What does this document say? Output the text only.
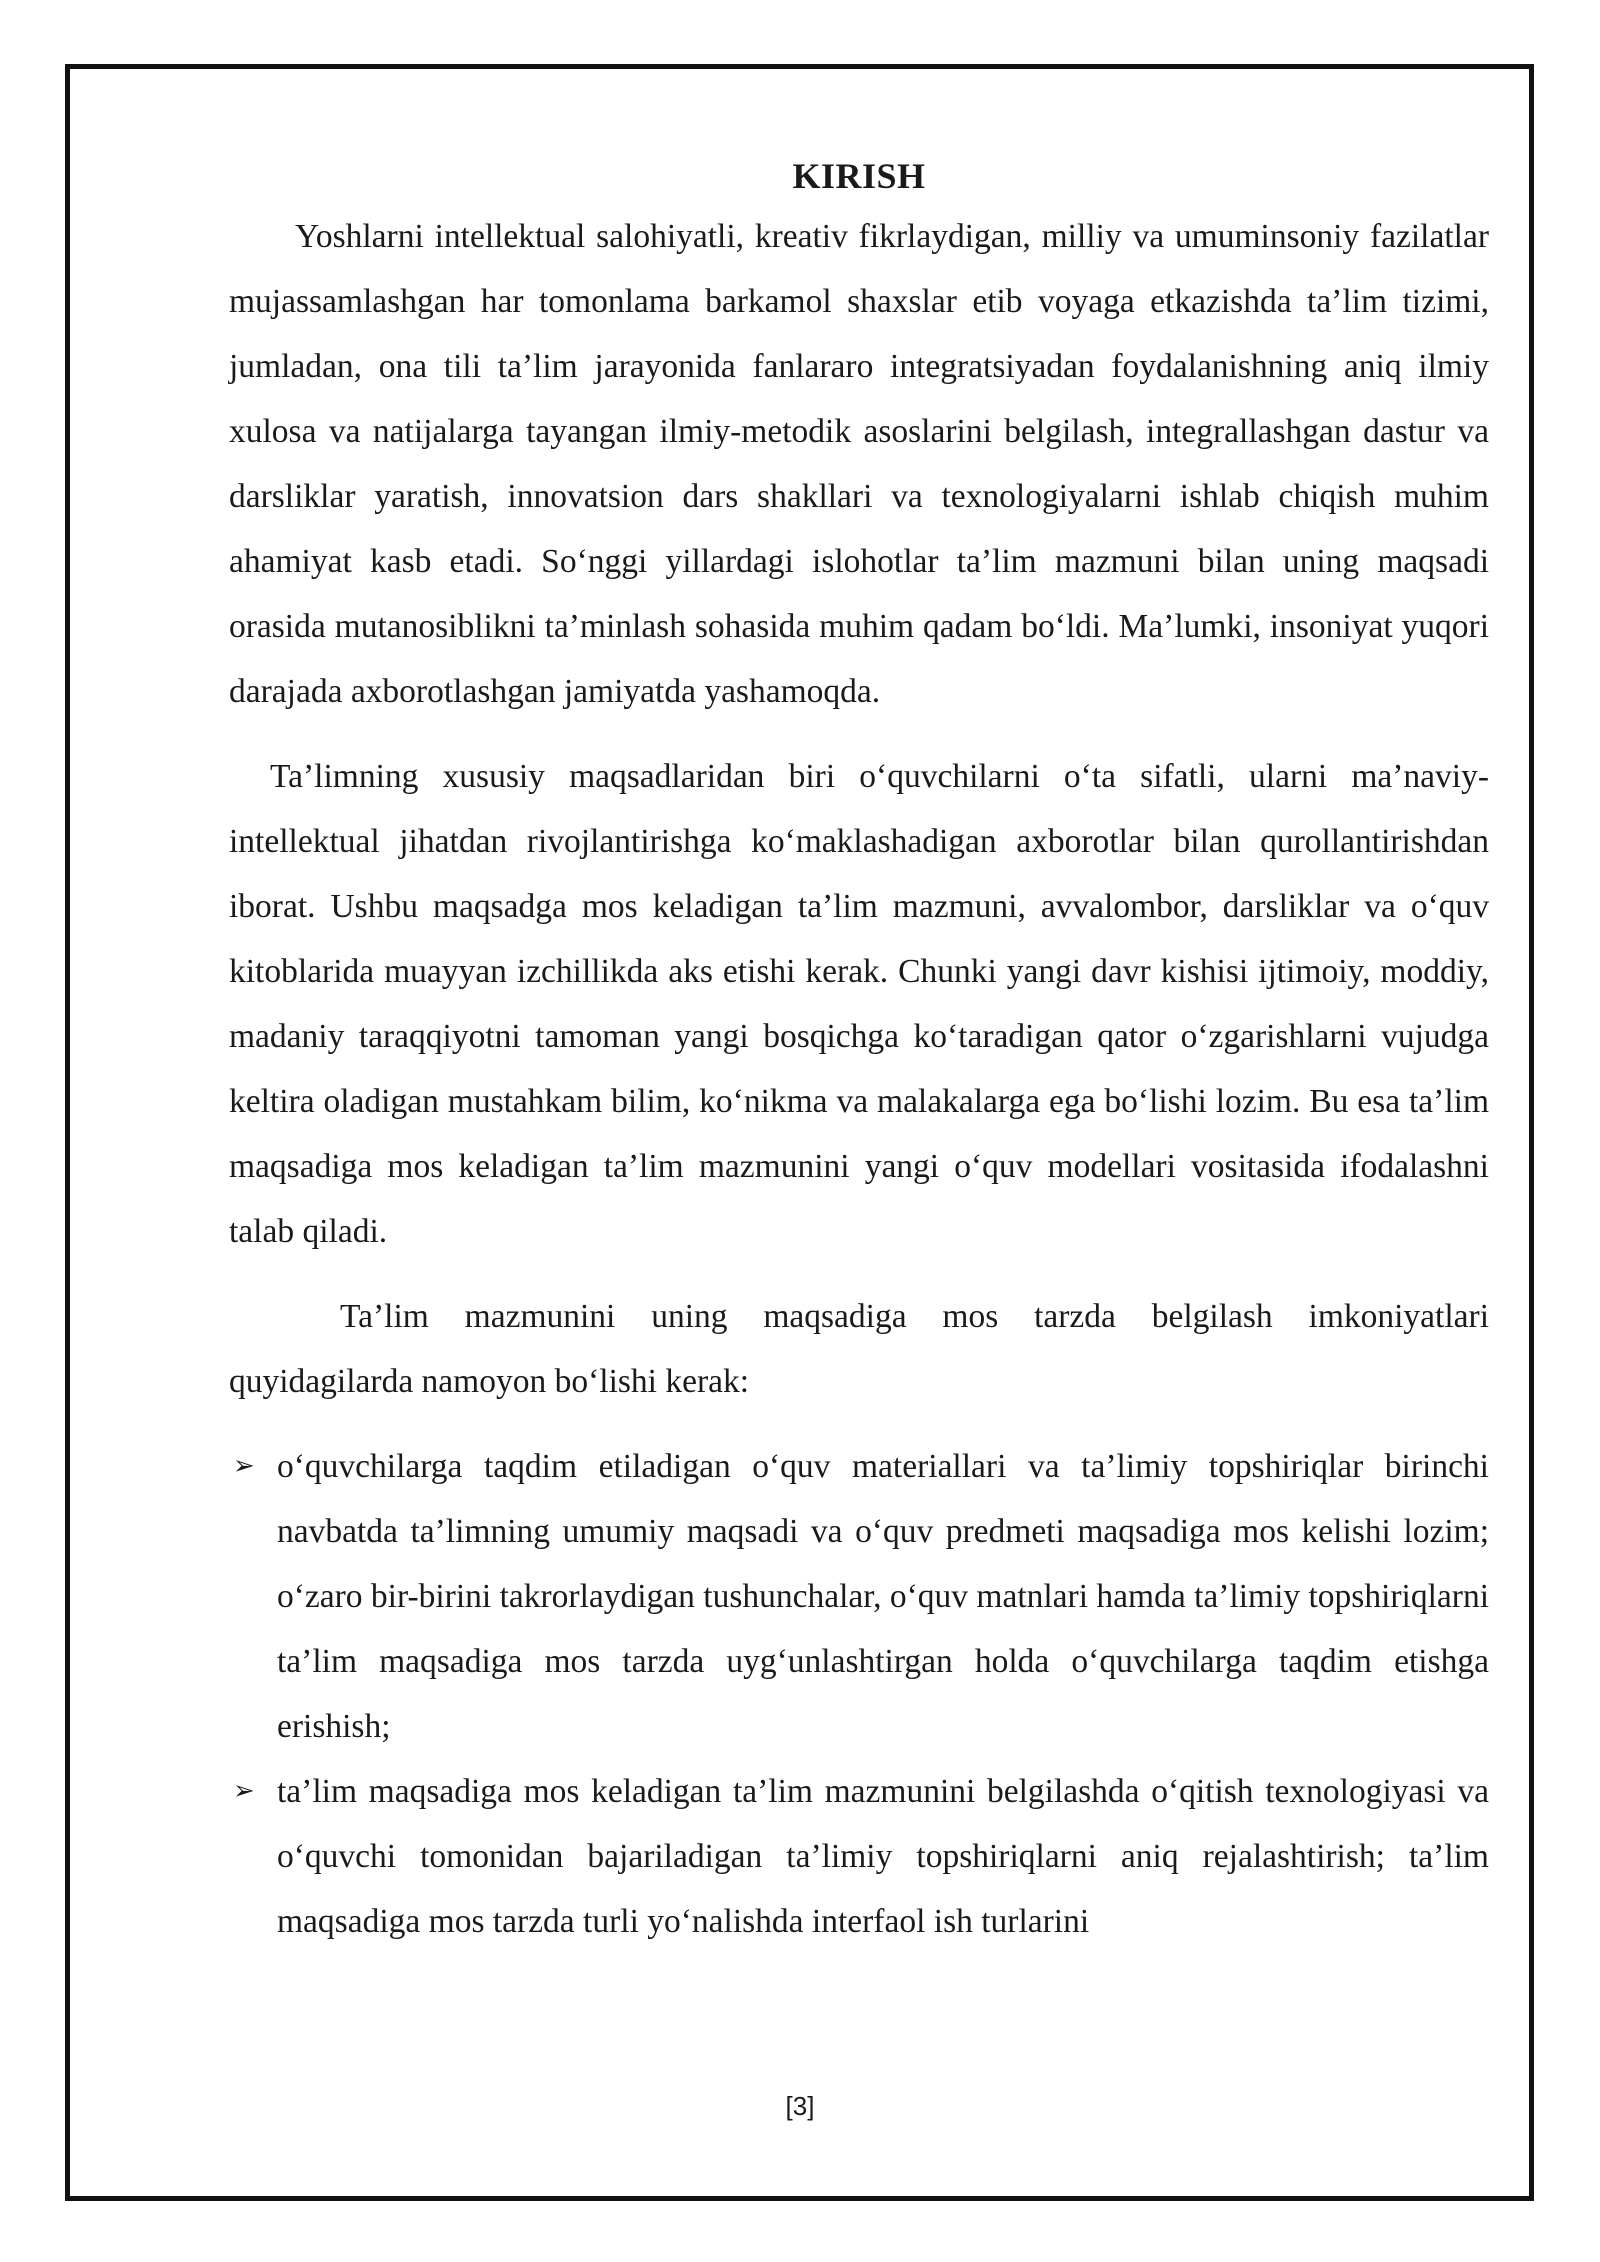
KIRISH

Yoshlarni intellektual salohiyatli, kreativ fikrlaydigan, milliy va umuminsoniy fazilatlar mujassamlashgan har tomonlama barkamol shaxslar etib voyaga etkazishda ta’lim tizimi, jumladan, ona tili ta’lim jarayonida fanlararo integratsiyadan foydalanishning aniq ilmiy xulosa va natijalarga tayangan ilmiy-metodik asoslarini belgilash, integrallashgan dastur va darsliklar yaratish, innovatsion dars shakllari va texnologiyalarni ishlab chiqish muhim ahamiyat kasb etadi. So‘nggi yillardagi islohotlar ta’lim mazmuni bilan uning maqsadi orasida mutanosiblikni ta’minlash sohasida muhim qadam bo‘ldi. Ma’lumki, insoniyat yuqori darajada axborotlashgan jamiyatda yashamoqda.

Ta’limning xususiy maqsadlaridan biri o‘quvchilarni o‘ta sifatli, ularni ma’naviy-intellektual jihatdan rivojlantirishga ko‘maklashadigan axborotlar bilan qurollantirishdan iborat. Ushbu maqsadga mos keladigan ta’lim mazmuni, avvalombor, darsliklar va o‘quv kitoblarida muayyan izchillikda aks etishi kerak. Chunki yangi davr kishisi ijtimoiy, moddiy, madaniy taraqqiyotni tamoman yangi bosqichga ko‘taradigan qator o‘zgarishlarni vujudga keltira oladigan mustahkam bilim, ko‘nikma va malakalarga ega bo‘lishi lozim. Bu esa ta’lim maqsadiga mos keladigan ta’lim mazmunini yangi o‘quv modellari vositasida ifodalashni talab qiladi.

Ta’lim mazmunini uning maqsadiga mos tarzda belgilash imkoniyatlari quyidagilarda namoyon bo‘lishi kerak:

➢ o‘quvchilarga taqdim etiladigan o‘quv materiallari va ta’limiy topshiriqlar birinchi navbatda ta’limning umumiy maqsadi va o‘quv predmeti maqsadiga mos kelishi lozim; o‘zaro bir-birini takrorlaydigan tushunchalar, o‘quv matnlari hamda ta’limiy topshiriqlarni ta’lim maqsadiga mos tarzda uyg‘unlashtirgan holda o‘quvchilarga taqdim etishga erishish;
➢ ta’lim maqsadiga mos keladigan ta’lim mazmunini belgilashda o‘qitish texnologiyasi va o‘quvchi tomonidan bajariladigan ta’limiy topshiriqlarni aniq rejalashtirish; ta’lim maqsadiga mos tarzda turli yo‘nalishda interfaol ish turlarini
[3]
